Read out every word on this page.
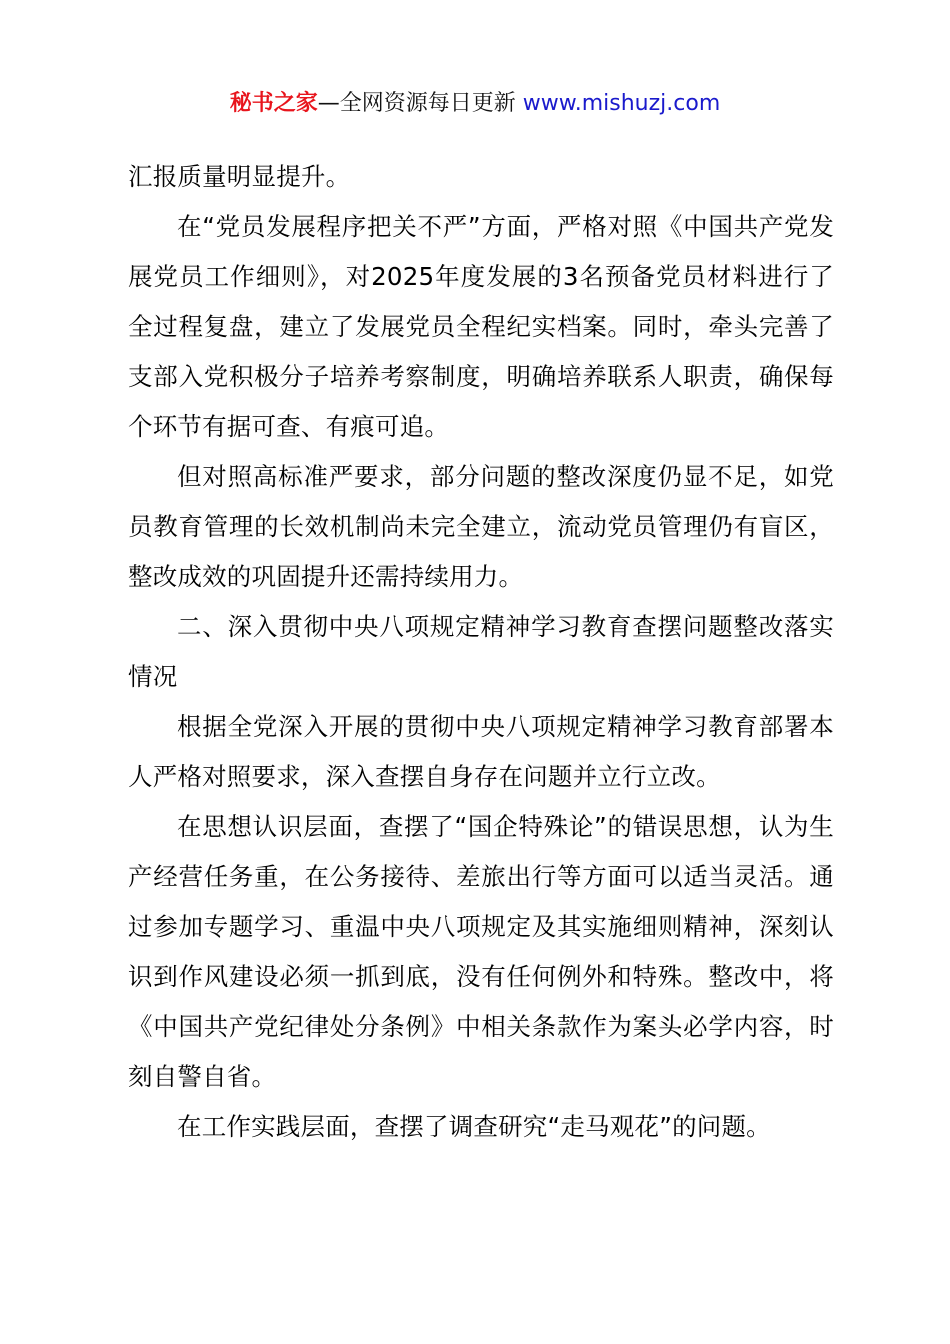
秘书之家—全网资源每日更新 www.mishuzj.com

汇报质量明显提升。

在“党员发展程序把关不严”方面，严格对照《中国共产党发展党员工作细则》，对2025年度发展的3名预备党员材料进行了全过程复盘，建立了发展党员全程纪实档案。同时，牵头完善了支部入党积极分子培养考察制度，明确培养联系人职责，确保每个环节有据可查、有痕可追。

但对照高标准严要求，部分问题的整改深度仍显不足，如党员教育管理的长效机制尚未完全建立，流动党员管理仍有盲区，整改成效的巩固提升还需持续用力。

二、深入贯彻中央八项规定精神学习教育查摆问题整改落实情况

根据全党深入开展的贯彻中央八项规定精神学习教育部署本人严格对照要求，深入查摆自身存在问题并立行立改。

在思想认识层面，查摆了“国企特殊论”的错误思想，认为生产经营任务重，在公务接待、差旅出行等方面可以适当灵活。通过参加专题学习、重温中央八项规定及其实施细则精神，深刻认识到作风建设必须一抓到底，没有任何例外和特殊。整改中，将《中国共产党纪律处分条例》中相关条款作为案头必学内容，时刻自警自省。

在工作实践层面，查摆了调查研究“走马观花”的问题。
